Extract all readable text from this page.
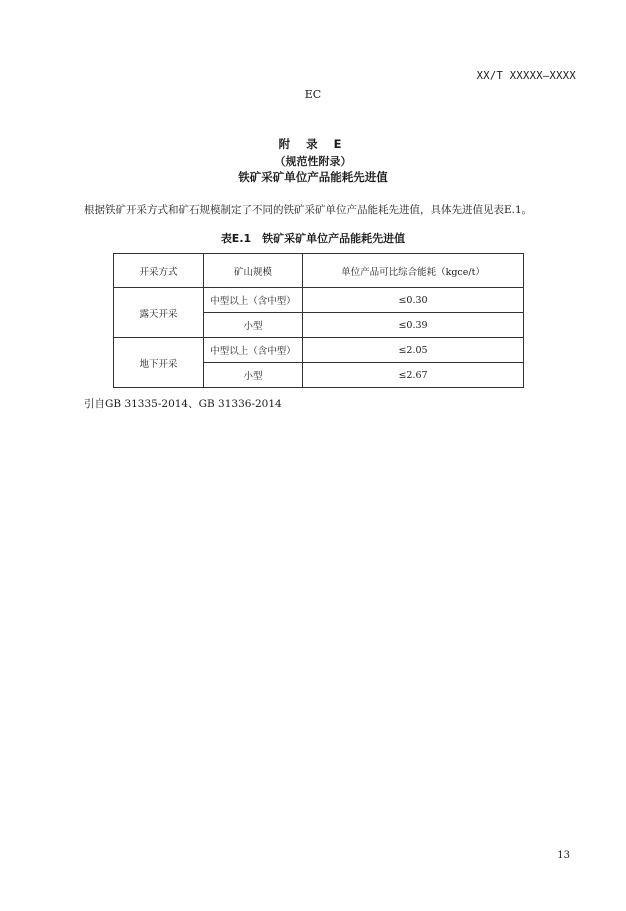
XX/T XXXXX—XXXX
EC
附 录 E
（规范性附录）
铁矿采矿单位产品能耗先进值
根据铁矿开采方式和矿石规模制定了不同的铁矿采矿单位产品能耗先进值，具体先进值见表E.1。
表E.1　铁矿采矿单位产品能耗先进值
开采方式	矿山规模	单位产品可比综合能耗（kgce/t）
露天开采	中型以上（含中型）	≤0.30
	小型	≤0.39
地下开采	中型以上（含中型）	≤2.05
	小型	≤2.67
引自GB 31335-2014、GB 31336-2014
13
